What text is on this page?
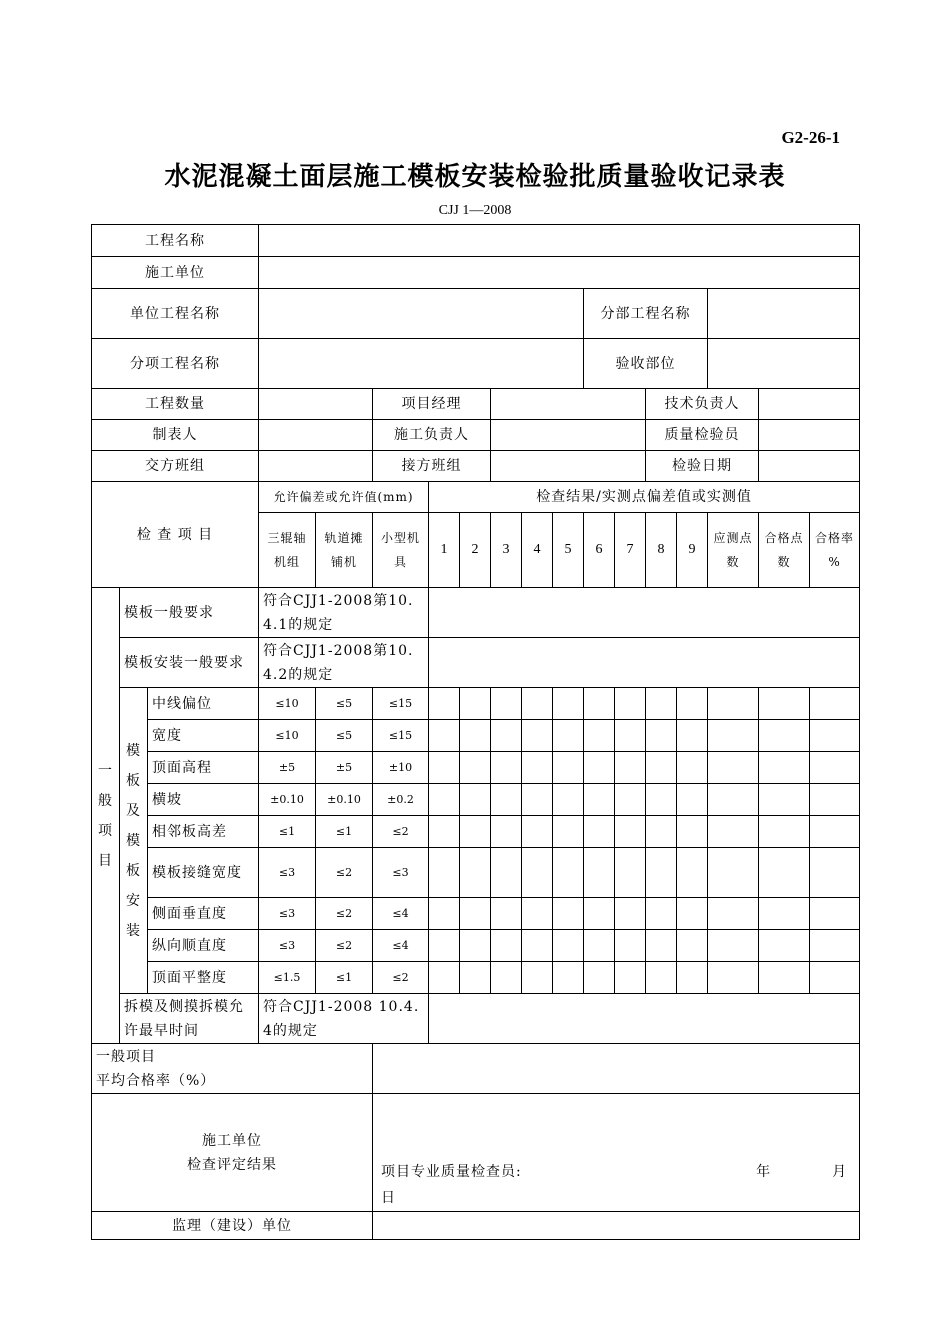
G2-26-1
水泥混凝土面层施工模板安装检验批质量验收记录表
CJJ 1—2008
工程名称																	
施工单位																	
单位工程名称											分部工程名称						
分项工程名称											验收部位						
工程数量					项目经理								技术负责人				
制表人					施工负责人								质量检验员				
交方班组					接方班组								检验日期				
检 查 项 目			允许偏差或允许值(mm)			检查结果/实测点偏差值或实测值											
			三辊轴机组	轨道摊铺机	小型机具	1	2	3	4	5	6	7	8	9	应测点数	合格点数	合格率 %
一般项目	模板一般要求		符合CJJ1-2008第10.4.1的规定														
	模板安装一般要求		符合CJJ1-2008第10.4.2的规定														
	模板及模板安装	中线偏位	≤10	≤5	≤15												
		宽度	≤10	≤5	≤15												
		顶面高程	±5	±5	±10												
		横坡	±0.10	±0.10	±0.2												
		相邻板高差	≤1	≤1	≤2												
		模板接缝宽度	≤3	≤2	≤3												
		侧面垂直度	≤3	≤2	≤4												
		纵向顺直度	≤3	≤2	≤4												
		顶面平整度	≤1.5	≤1	≤2												
	拆模及侧摸拆模允许最早时间		符合CJJ1-2008 10.4.4的规定														
一般项目
平均合格率（%）																	
施工单位
检查评定结果					项目专业质量检查员: 年 月

日												

监理（建设）单位																	
